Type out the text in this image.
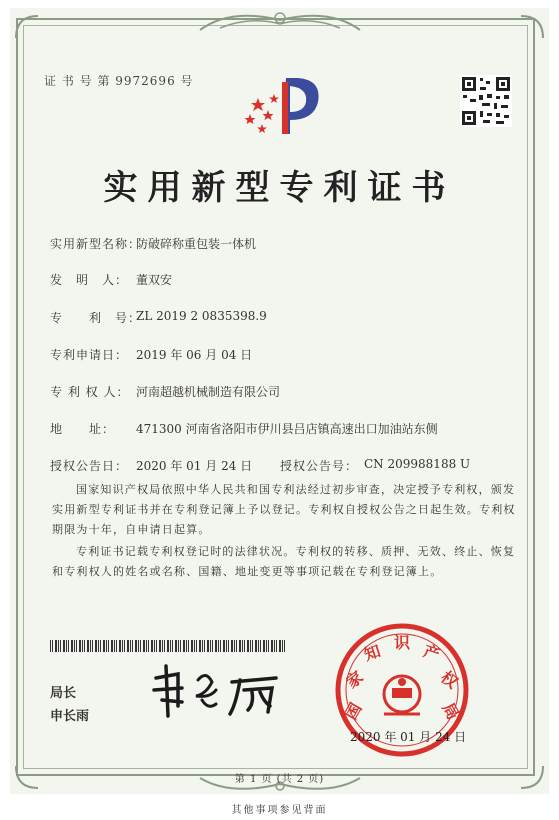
证 书 号 第 9972696 号
实用新型专利证书
实用新型名称：
防破碎称重包装一体机
发　明　人： 董双安
专　　利　号：
ZL 2019 2 0835398.9
专利申请日： 2019 年 06 月 04 日
专 利 权 人： 河南超越机械制造有限公司
地　　址： 471300 河南省洛阳市伊川县吕店镇高速出口加油站东侧
授权公告日： 2020 年 01 月 24 日 授权公告号： CN 209988188 U
国家知识产权局依照中华人民共和国专利法经过初步审查，决定授予专利权，颁发实用新型专利证书并在专利登记簿上予以登记。专利权自授权公告之日起生效。专利权期限为十年，自申请日起算。
专利证书记载专利权登记时的法律状况。专利权的转移、质押、无效、终止、恢复和专利权人的姓名或名称、国籍、地址变更等事项记载在专利登记簿上。
局长
申长雨	国
家
知 识 产
权
局
2020 年 01 月 24 日
第 1 页 (共 2 页)
其他事项参见背面
